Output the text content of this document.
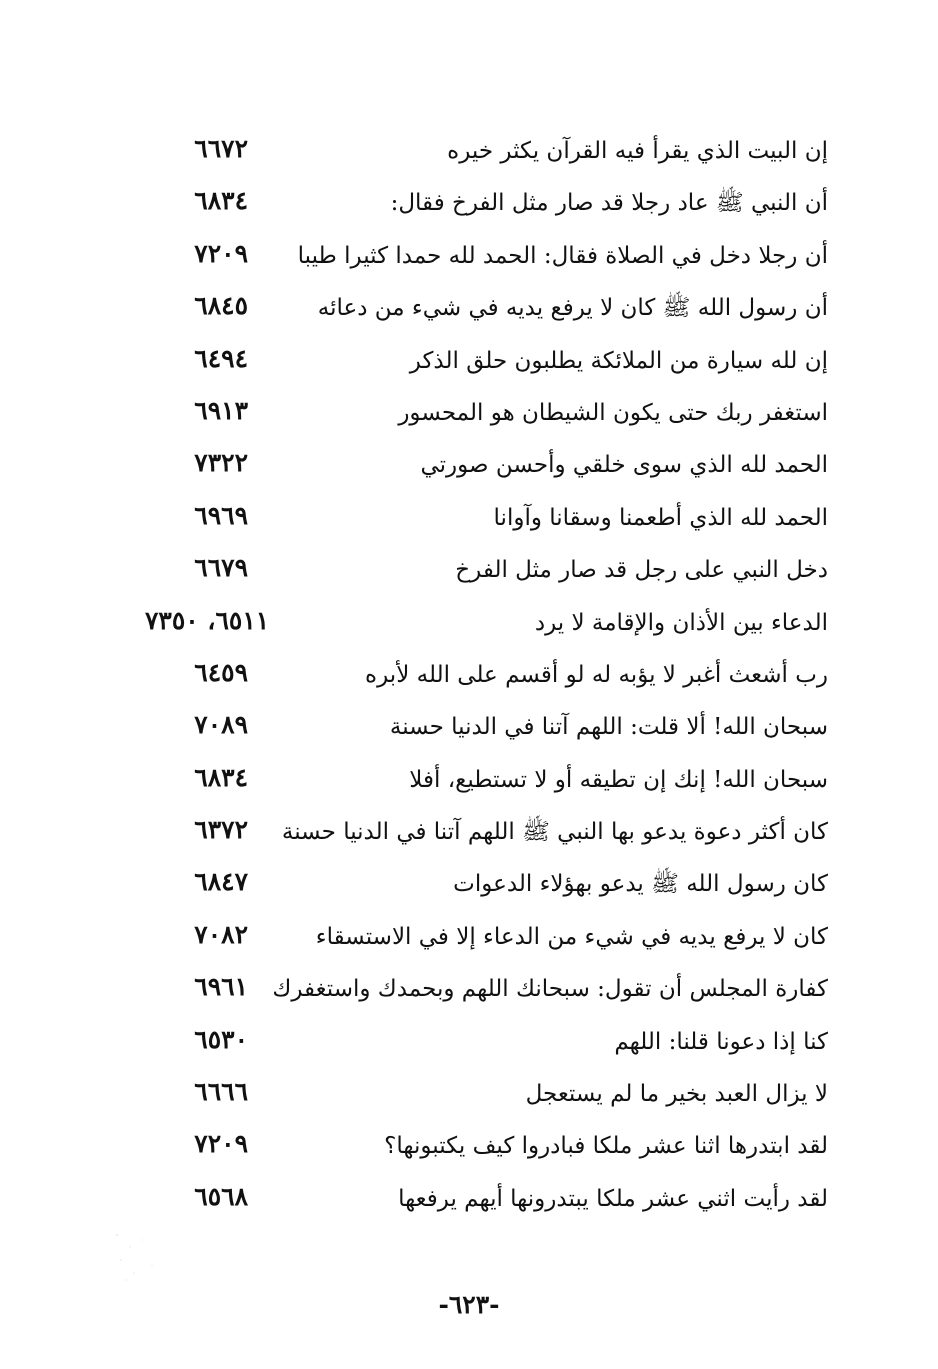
إن البيت الذي يقرأ فيه القرآن يكثر خيره
٦٦٧٢
أن النبي ﷺ عاد رجلا قد صار مثل الفرخ فقال:
٦٨٣٤
أن رجلا دخل في الصلاة فقال: الحمد لله حمدا كثيرا طيبا
٧٢٠٩
أن رسول الله ﷺ كان لا يرفع يديه في شيء من دعائه
٦٨٤٥
إن لله سيارة من الملائكة يطلبون حلق الذكر
٦٤٩٤
استغفر ربك حتى يكون الشيطان هو المحسور
٦٩١٣
الحمد لله الذي سوى خلقي وأحسن صورتي
٧٣٢٢
الحمد لله الذي أطعمنا وسقانا وآوانا
٦٩٦٩
دخل النبي على رجل قد صار مثل الفرخ
٦٦٧٩
الدعاء بين الأذان والإقامة لا يرد
٦٥١١، ٧٣٥٠
رب أشعث أغبر لا يؤبه له لو أقسم على الله لأبره
٦٤٥٩
سبحان الله! ألا قلت: اللهم آتنا في الدنيا حسنة
٧٠٨٩
سبحان الله! إنك إن تطيقه أو لا تستطيع، أفلا
٦٨٣٤
كان أكثر دعوة يدعو بها النبي ﷺ اللهم آتنا في الدنيا حسنة
٦٣٧٢
كان رسول الله ﷺ يدعو بهؤلاء الدعوات
٦٨٤٧
كان لا يرفع يديه في شيء من الدعاء إلا في الاستسقاء
٧٠٨٢
كفارة المجلس أن تقول: سبحانك اللهم وبحمدك واستغفرك
٦٩٦١
كنا إذا دعونا قلنا: اللهم
٦٥٣٠
لا يزال العبد بخير ما لم يستعجل
٦٦٦٦
لقد ابتدرها اثنا عشر ملكا فبادروا كيف يكتبونها؟
٧٢٠٩
لقد رأيت اثني عشر ملكا يبتدرونها أيهم يرفعها
٦٥٦٨
-٦٢٣-
